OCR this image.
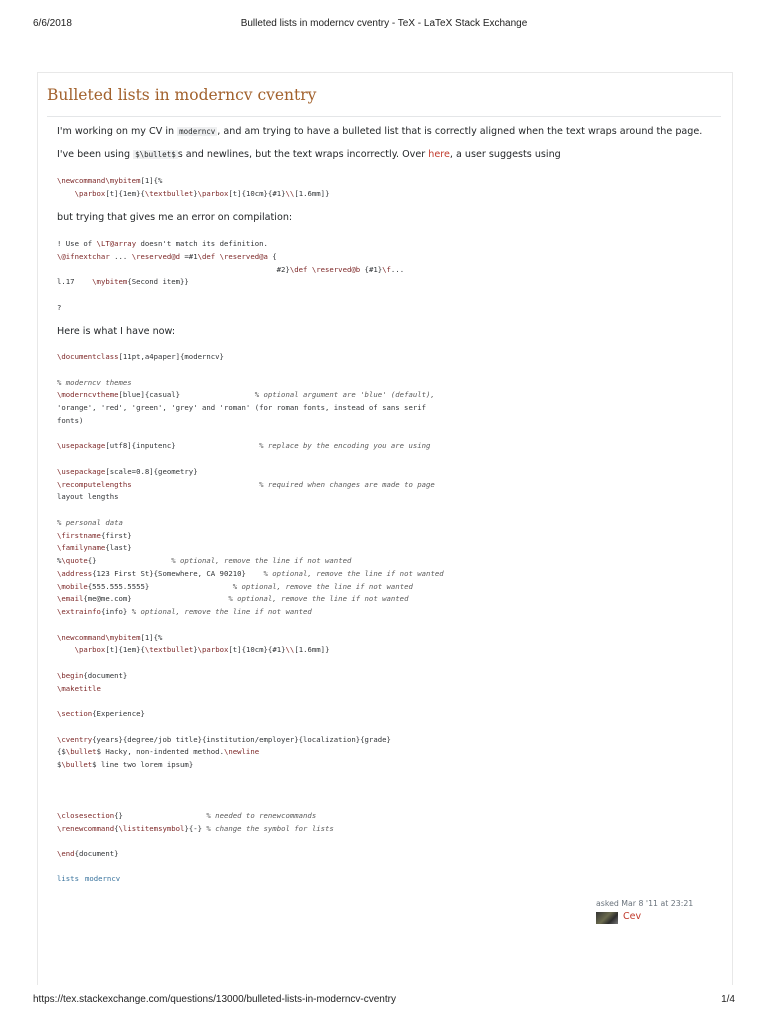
6/6/2018	Bulleted lists in moderncv cventry - TeX - LaTeX Stack Exchange
Bulleted lists in moderncv cventry
I'm working on my CV in moderncv , and am trying to have a bulleted list that is correctly aligned when the text wraps around the page.
I've been using $\bullet$ s and newlines, but the text wraps incorrectly. Over here, a user suggests using
\newcommand\mybitem[1]{%
\parbox[t]{1em}{\textbullet}\parbox[t]{10cm}{#1}\\[1.6mm]}
but trying that gives me an error on compilation:
! Use of \LT@array doesn't match its definition.
\@ifnextchar ... \reserved@d =#1\def \reserved@a {
#2}\def \reserved@b {#1}\f...
l.17    \mybitem{Second item}}
?
Here is what I have now:
\documentclass[11pt,a4paper]{moderncv}
% moderncv themes
\moderncvtheme[blue]{casual}                 % optional argument are 'blue' (default),
'orange', 'red', 'green', 'grey' and 'roman' (for roman fonts, instead of sans serif
fonts)
\usepackage[utf8]{inputenc}                   % replace by the encoding you are using
\usepackage[scale=0.8]{geometry}
\recomputelengths	% required when changes are made to page
layout lengths
% personal data
\firstname{first}
\familyname{last}
%\quote{}                 % optional, remove the line if not wanted
\address{123 First St}{Somewhere, CA 90210}    % optional, remove the line if not wanted
\mobile{555.555.5555}                   % optional, remove the line if not wanted
\email{me@me.com}                      % optional, remove the line if not wanted
\extrainfo{info} % optional, remove the line if not wanted
\newcommand\mybitem[1]{%
\parbox[t]{1em}{\textbullet}\parbox[t]{10cm}{#1}\\[1.6mm]}
\begin{document}
\maketitle
\section{Experience}
\cventry{years}{degree/job title}{institution/employer}{localization}{grade}
{$\bullet$ Hacky, non-indented method.\newline
$\bullet$ line two lorem ipsum}
\closesection{}                   % needed to renewcommands
\renewcommand{\listitemsymbol}{-} % change the symbol for lists
\end{document}
lists moderncv
asked Mar 8 '11 at 23:21
Cev
https://tex.stackexchange.com/questions/13000/bulleted-lists-in-moderncv-cventry	1/4
